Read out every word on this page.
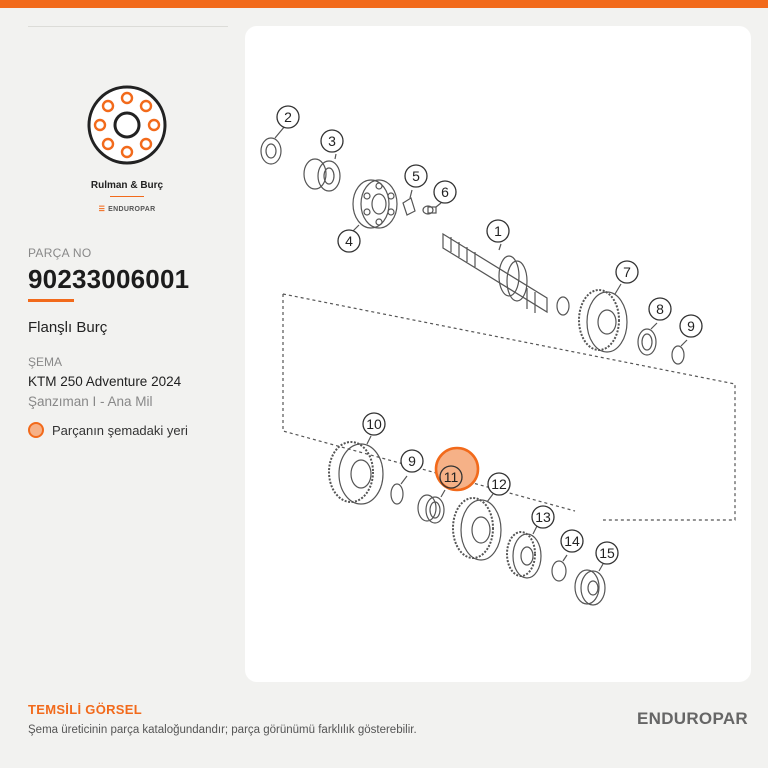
Rulman & Burç
☰ ENDUROPAR
PARÇA NO
90233006001
Flanşlı Burç
ŞEMA
KTM 250 Adventure 2024
Şanzıman I - Ana Mil
Parçanın şemadaki yeri
2
3
4
5
6
1
7
8
9
10
9
11 12
13
14
15
TEMSİLİ GÖRSEL
Şema üreticinin parça kataloğundandır; parça görünümü farklılık gösterebilir.
ENDUROPAR
